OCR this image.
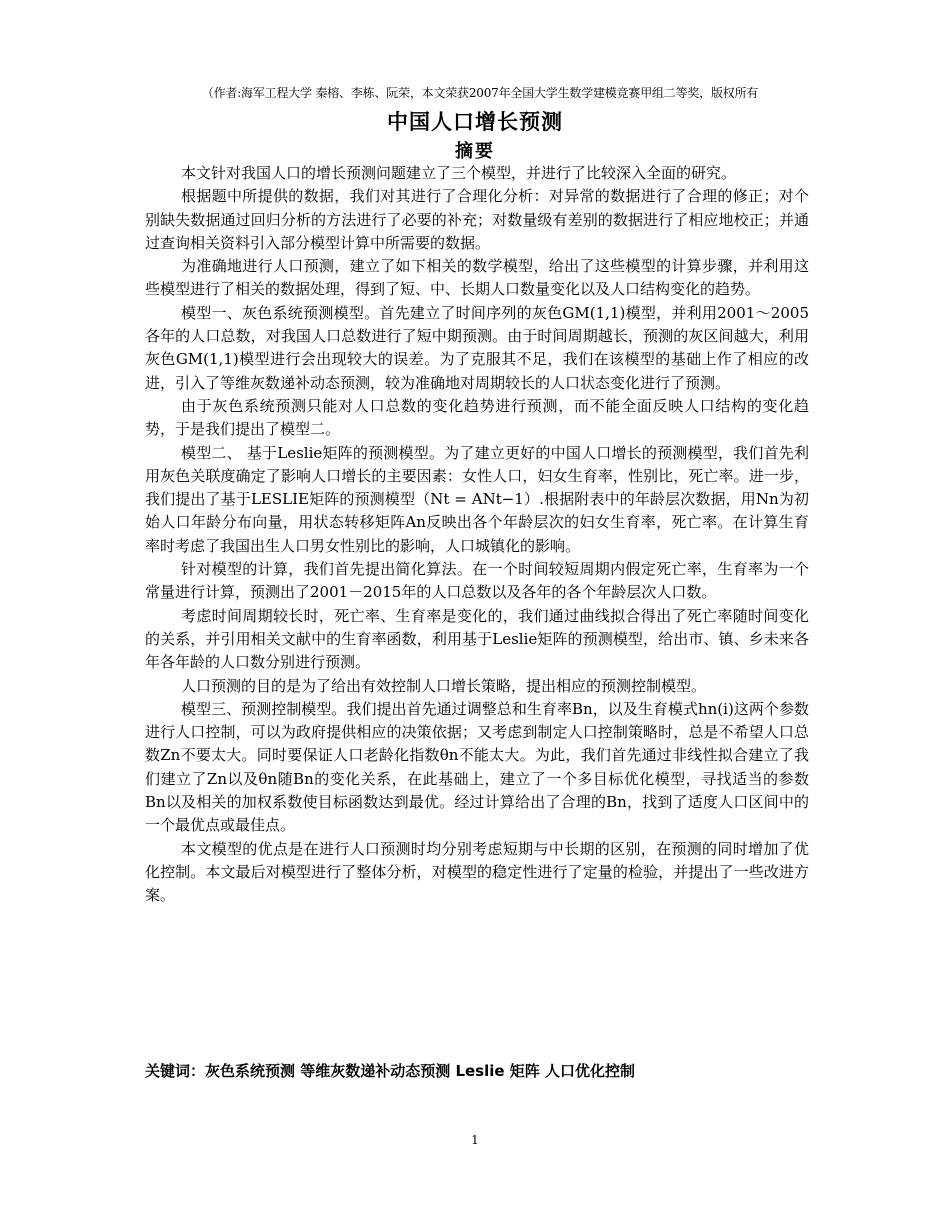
（作者:海军工程大学 秦榕、李栋、阮荣，本文荣获2007年全国大学生数学建模竞赛甲组二等奖，版权所有
中国人口增长预测
摘要

本文针对我国人口的增长预测问题建立了三个模型，并进行了比较深入全面的研究。

根据题中所提供的数据，我们对其进行了合理化分析：对异常的数据进行了合理的修正；对个别缺失数据通过回归分析的方法进行了必要的补充；对数量级有差别的数据进行了相应地校正；并通过查询相关资料引入部分模型计算中所需要的数据。

为准确地进行人口预测，建立了如下相关的数学模型，给出了这些模型的计算步骤，并利用这些模型进行了相关的数据处理，得到了短、中、长期人口数量变化以及人口结构变化的趋势。

模型一、灰色系统预测模型。首先建立了时间序列的灰色GM(1,1)模型，并利用2001～2005各年的人口总数，对我国人口总数进行了短中期预测。由于时间周期越长，预测的灰区间越大，利用灰色GM(1,1)模型进行会出现较大的误差。为了克服其不足，我们在该模型的基础上作了相应的改进，引入了等维灰数递补动态预测，较为准确地对周期较长的人口状态变化进行了预测。

由于灰色系统预测只能对人口总数的变化趋势进行预测，而不能全面反映人口结构的变化趋势，于是我们提出了模型二。

模型二、 基于Leslie矩阵的预测模型。为了建立更好的中国人口增长的预测模型，我们首先利用灰色关联度确定了影响人口增长的主要因素：女性人口，妇女生育率，性别比，死亡率。进一步，我们提出了基于LESLIE矩阵的预测模型（Nt = ANt−1）.根据附表中的年龄层次数据，用Nn为初始人口年龄分布向量，用状态转移矩阵An反映出各个年龄层次的妇女生育率，死亡率。在计算生育率时考虑了我国出生人口男女性别比的影响，人口城镇化的影响。

针对模型的计算，我们首先提出简化算法。在一个时间较短周期内假定死亡率，生育率为一个常量进行计算，预测出了2001－2015年的人口总数以及各年的各个年龄层次人口数。

考虑时间周期较长时，死亡率、生育率是变化的，我们通过曲线拟合得出了死亡率随时间变化的关系，并引用相关文献中的生育率函数，利用基于Leslie矩阵的预测模型，给出市、镇、乡未来各年各年龄的人口数分别进行预测。

人口预测的目的是为了给出有效控制人口增长策略，提出相应的预测控制模型。

模型三、预测控制模型。我们提出首先通过调整总和生育率Bn，以及生育模式hn(i)这两个参数进行人口控制，可以为政府提供相应的决策依据；又考虑到制定人口控制策略时，总是不希望人口总数Zn不要太大。同时要保证人口老龄化指数θn不能太大。为此，我们首先通过非线性拟合建立了我们建立了Zn以及θn随Bn的变化关系，在此基础上，建立了一个多目标优化模型，寻找适当的参数Bn以及相关的加权系数使目标函数达到最优。经过计算给出了合理的Bn，找到了适度人口区间中的一个最优点或最佳点。

本文模型的优点是在进行人口预测时均分别考虑短期与中长期的区别，在预测的同时增加了优化控制。本文最后对模型进行了整体分析，对模型的稳定性进行了定量的检验，并提出了一些改进方案。

关键词：灰色系统预测 等维灰数递补动态预测 Leslie 矩阵 人口优化控制
1
